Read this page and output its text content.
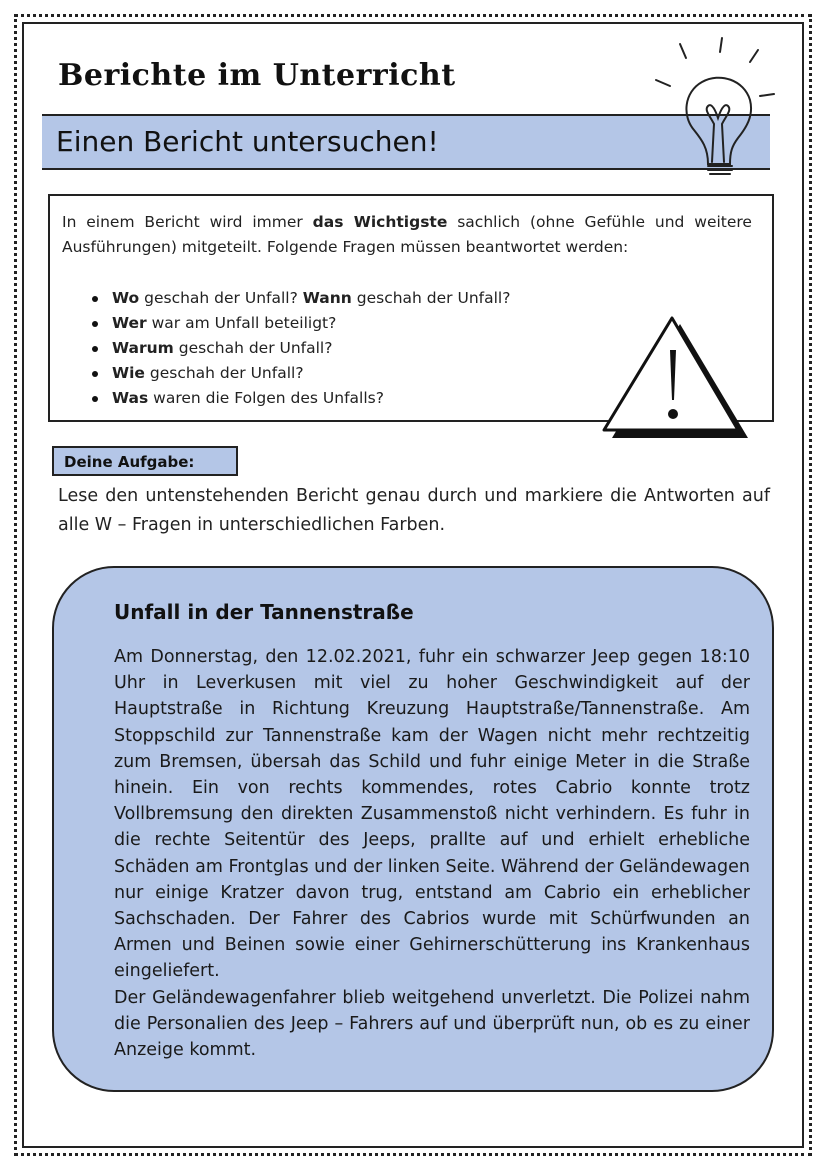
Berichte im Unterricht
Einen Bericht untersuchen!
In einem Bericht wird immer das Wichtigste sachlich (ohne Gefühle und weitere Ausführungen) mitgeteilt. Folgende Fragen müssen beantwortet werden:
Wo geschah der Unfall? Wann geschah der Unfall?
Wer war am Unfall beteiligt?
Warum geschah der Unfall?
Wie geschah der Unfall?
Was waren die Folgen des Unfalls?
Deine Aufgabe:
Lese den untenstehenden Bericht genau durch und markiere die Antworten auf alle W – Fragen in unterschiedlichen Farben.
Unfall in der Tannenstraße

Am Donnerstag, den 12.02.2021, fuhr ein schwarzer Jeep gegen 18:10 Uhr in Leverkusen mit viel zu hoher Geschwindigkeit auf der Hauptstraße in Richtung Kreuzung Hauptstraße/Tannenstraße. Am Stoppschild zur Tannenstraße kam der Wagen nicht mehr rechtzeitig zum Bremsen, übersah das Schild und fuhr einige Meter in die Straße hinein. Ein von rechts kommendes, rotes Cabrio konnte trotz Vollbremsung den direkten Zusammenstoß nicht verhindern. Es fuhr in die rechte Seitentür des Jeeps, prallte auf und erhielt erhebliche Schäden am Frontglas und der linken Seite. Während der Geländewagen nur einige Kratzer davon trug, entstand am Cabrio ein erheblicher Sachschaden. Der Fahrer des Cabrios wurde mit Schürfwunden an Armen und Beinen sowie einer Gehirnerschütterung ins Krankenhaus eingeliefert.

Der Geländewagenfahrer blieb weitgehend unverletzt. Die Polizei nahm die Personalien des Jeep – Fahrers auf und überprüft nun, ob es zu einer Anzeige kommt.
